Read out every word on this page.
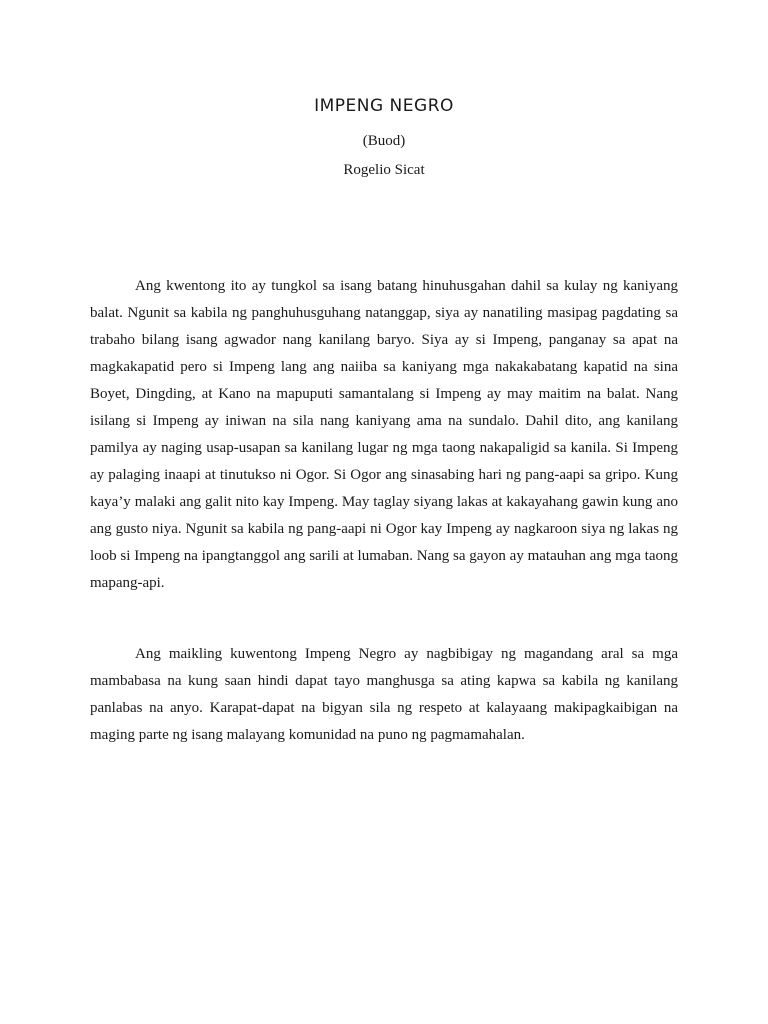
IMPENG NEGRO
(Buod)
Rogelio Sicat

Ang kwentong ito ay tungkol sa isang batang hinuhusgahan dahil sa kulay ng kaniyang balat. Ngunit sa kabila ng panghuhusguhang natanggap, siya ay nanatiling masipag pagdating sa trabaho bilang isang agwador nang kanilang baryo. Siya ay si Impeng, panganay sa apat na magkakapatid pero si Impeng lang ang naiiba sa kaniyang mga nakakabatang kapatid na sina Boyet, Dingding, at Kano na mapuputi samantalang si Impeng ay may maitim na balat. Nang isilang si Impeng ay iniwan na sila nang kaniyang ama na sundalo. Dahil dito, ang kanilang pamilya ay naging usap-usapan sa kanilang lugar ng mga taong nakapaligid sa kanila. Si Impeng ay palaging inaapi at tinutukso ni Ogor. Si Ogor ang sinasabing hari ng pang-aapi sa gripo. Kung kaya’y malaki ang galit nito kay Impeng. May taglay siyang lakas at kakayahang gawin kung ano ang gusto niya. Ngunit sa kabila ng pang-aapi ni Ogor kay Impeng ay nagkaroon siya ng lakas ng loob si Impeng na ipangtanggol ang sarili at lumaban. Nang sa gayon ay matauhan ang mga taong mapang-api.

Ang maikling kuwentong Impeng Negro ay nagbibigay ng magandang aral sa mga mambabasa na kung saan hindi dapat tayo manghusga sa ating kapwa sa kabila ng kanilang panlabas na anyo. Karapat-dapat na bigyan sila ng respeto at kalayaang makipagkaibigan na maging parte ng isang malayang komunidad na puno ng pagmamahalan.
